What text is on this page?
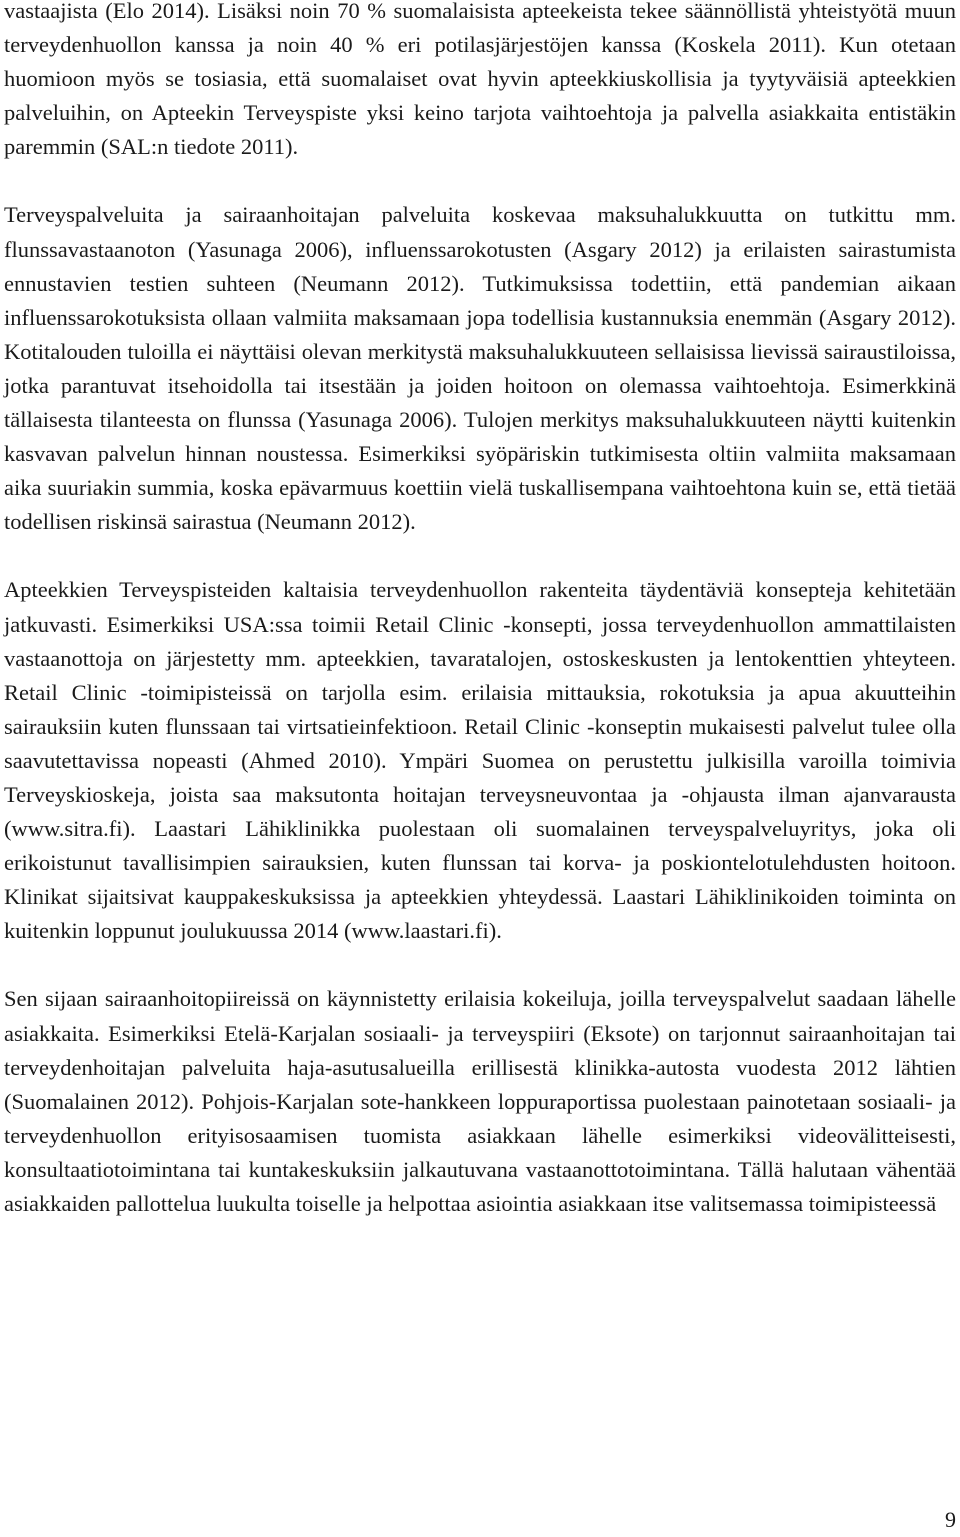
vastaajista (Elo 2014). Lisäksi noin 70 % suomalaisista apteekeista tekee säännöllistä yhteistyötä muun terveydenhuollon kanssa ja noin 40 % eri potilasjärjestöjen kanssa (Koskela 2011). Kun otetaan huomioon myös se tosiasia, että suomalaiset ovat hyvin apteekkiuskollisia ja tyytyväisiä apteekkien palveluihin, on Apteekin Terveyspiste yksi keino tarjota vaihtoehtoja ja palvella asiakkaita entistäkin paremmin (SAL:n tiedote 2011).

Terveyspalveluita ja sairaanhoitajan palveluita koskevaa maksuhalukkuutta on tutkittu mm. flunssavastaanoton (Yasunaga 2006), influenssarokotusten (Asgary 2012) ja erilaisten sairastumista ennustavien testien suhteen (Neumann 2012). Tutkimuksissa todettiin, että pandemian aikaan influenssarokotuksista ollaan valmiita maksamaan jopa todellisia kustannuksia enemmän (Asgary 2012). Kotitalouden tuloilla ei näyttäisi olevan merkitystä maksuhalukkuuteen sellaisissa lievissä sairaustiloissa, jotka parantuvat itsehoidolla tai itsestään ja joiden hoitoon on olemassa vaihtoehtoja. Esimerkkinä tällaisesta tilanteesta on flunssa (Yasunaga 2006). Tulojen merkitys maksuhalukkuuteen näytti kuitenkin kasvavan palvelun hinnan noustessa. Esimerkiksi syöpäriskin tutkimisesta oltiin valmiita maksamaan aika suuriakin summia, koska epävarmuus koettiin vielä tuskallisempana vaihtoehtona kuin se, että tietää todellisen riskinsä sairastua (Neumann 2012).

Apteekkien Terveyspisteiden kaltaisia terveydenhuollon rakenteita täydentäviä konsepteja kehitetään jatkuvasti. Esimerkiksi USA:ssa toimii Retail Clinic -konsepti, jossa terveydenhuollon ammattilaisten vastaanottoja on järjestetty mm. apteekkien, tavaratalojen, ostoskeskusten ja lentokenttien yhteyteen. Retail Clinic -toimipisteissä on tarjolla esim. erilaisia mittauksia, rokotuksia ja apua akuutteihin sairauksiin kuten flunssaan tai virtsatieinfektioon. Retail Clinic -konseptin mukaisesti palvelut tulee olla saavutettavissa nopeasti (Ahmed 2010). Ympäri Suomea on perustettu julkisilla varoilla toimivia Terveyskioskeja, joista saa maksutonta hoitajan terveysneuvontaa ja -ohjausta ilman ajanvarausta (www.sitra.fi). Laastari Lähiklinikka puolestaan oli suomalainen terveyspalveluyritys, joka oli erikoistunut tavallisimpien sairauksien, kuten flunssan tai korva- ja poskiontelotulehdusten hoitoon. Klinikat sijaitsivat kauppakeskuksissa ja apteekkien yhteydessä. Laastari Lähiklinikoiden toiminta on kuitenkin loppunut joulukuussa 2014 (www.laastari.fi).

Sen sijaan sairaanhoitopiireissä on käynnistetty erilaisia kokeiluja, joilla terveyspalvelut saadaan lähelle asiakkaita. Esimerkiksi Etelä-Karjalan sosiaali- ja terveyspiiri (Eksote) on tarjonnut sairaanhoitajan tai terveydenhoitajan palveluita haja-asutusalueilla erillisestä klinikka-autosta vuodesta 2012 lähtien (Suomalainen 2012). Pohjois-Karjalan sote-hankkeen loppuraportissa puolestaan painotetaan sosiaali- ja terveydenhuollon erityisosaamisen tuomista asiakkaan lähelle esimerkiksi videovälitteisesti, konsultaatiotoimintana tai kuntakeskuksiin jalkautuvana vastaanottotoimintana. Tällä halutaan vähentää asiakkaiden pallottelua luukulta toiselle ja helpottaa asiointia asiakkaan itse valitsemassa toimipisteessä

9
